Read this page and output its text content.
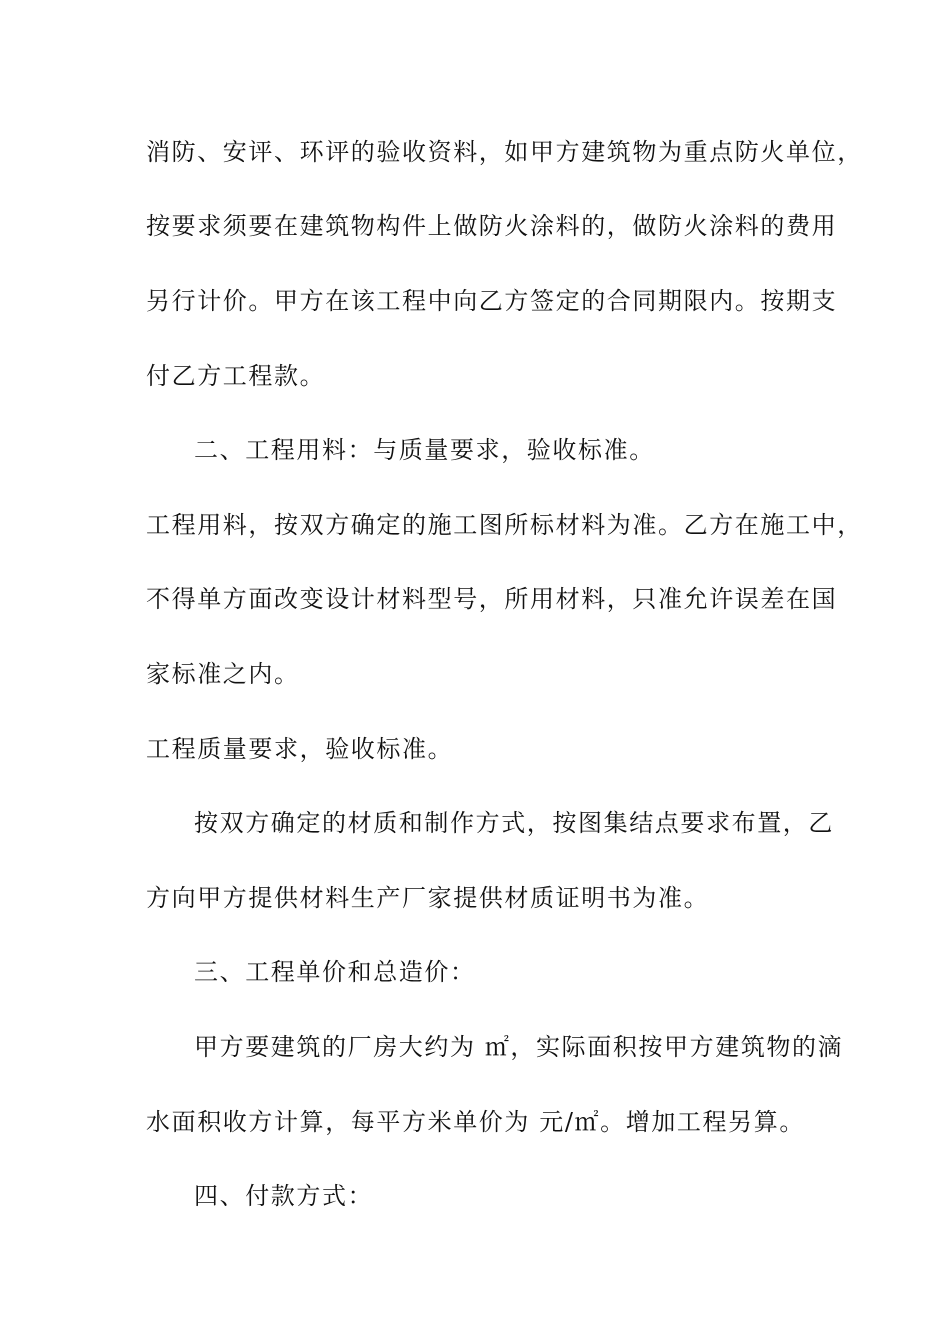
消防、安评、环评的验收资料，如甲方建筑物为重点防火单位，
按要求须要在建筑物构件上做防火涂料的，做防火涂料的费用
另行计价。甲方在该工程中向乙方签定的合同期限内。按期支
付乙方工程款。
二、工程用料：与质量要求，验收标准。
工程用料，按双方确定的施工图所标材料为准。乙方在施工中，
不得单方面改变设计材料型号，所用材料，只准允许误差在国
家标准之内。
工程质量要求，验收标准。
按双方确定的材质和制作方式，按图集结点要求布置，乙
方向甲方提供材料生产厂家提供材质证明书为准。
三、工程单价和总造价：
甲方要建筑的厂房大约为 ㎡，实际面积按甲方建筑物的滴
水面积收方计算，每平方米单价为 元/㎡。增加工程另算。
四、付款方式：
